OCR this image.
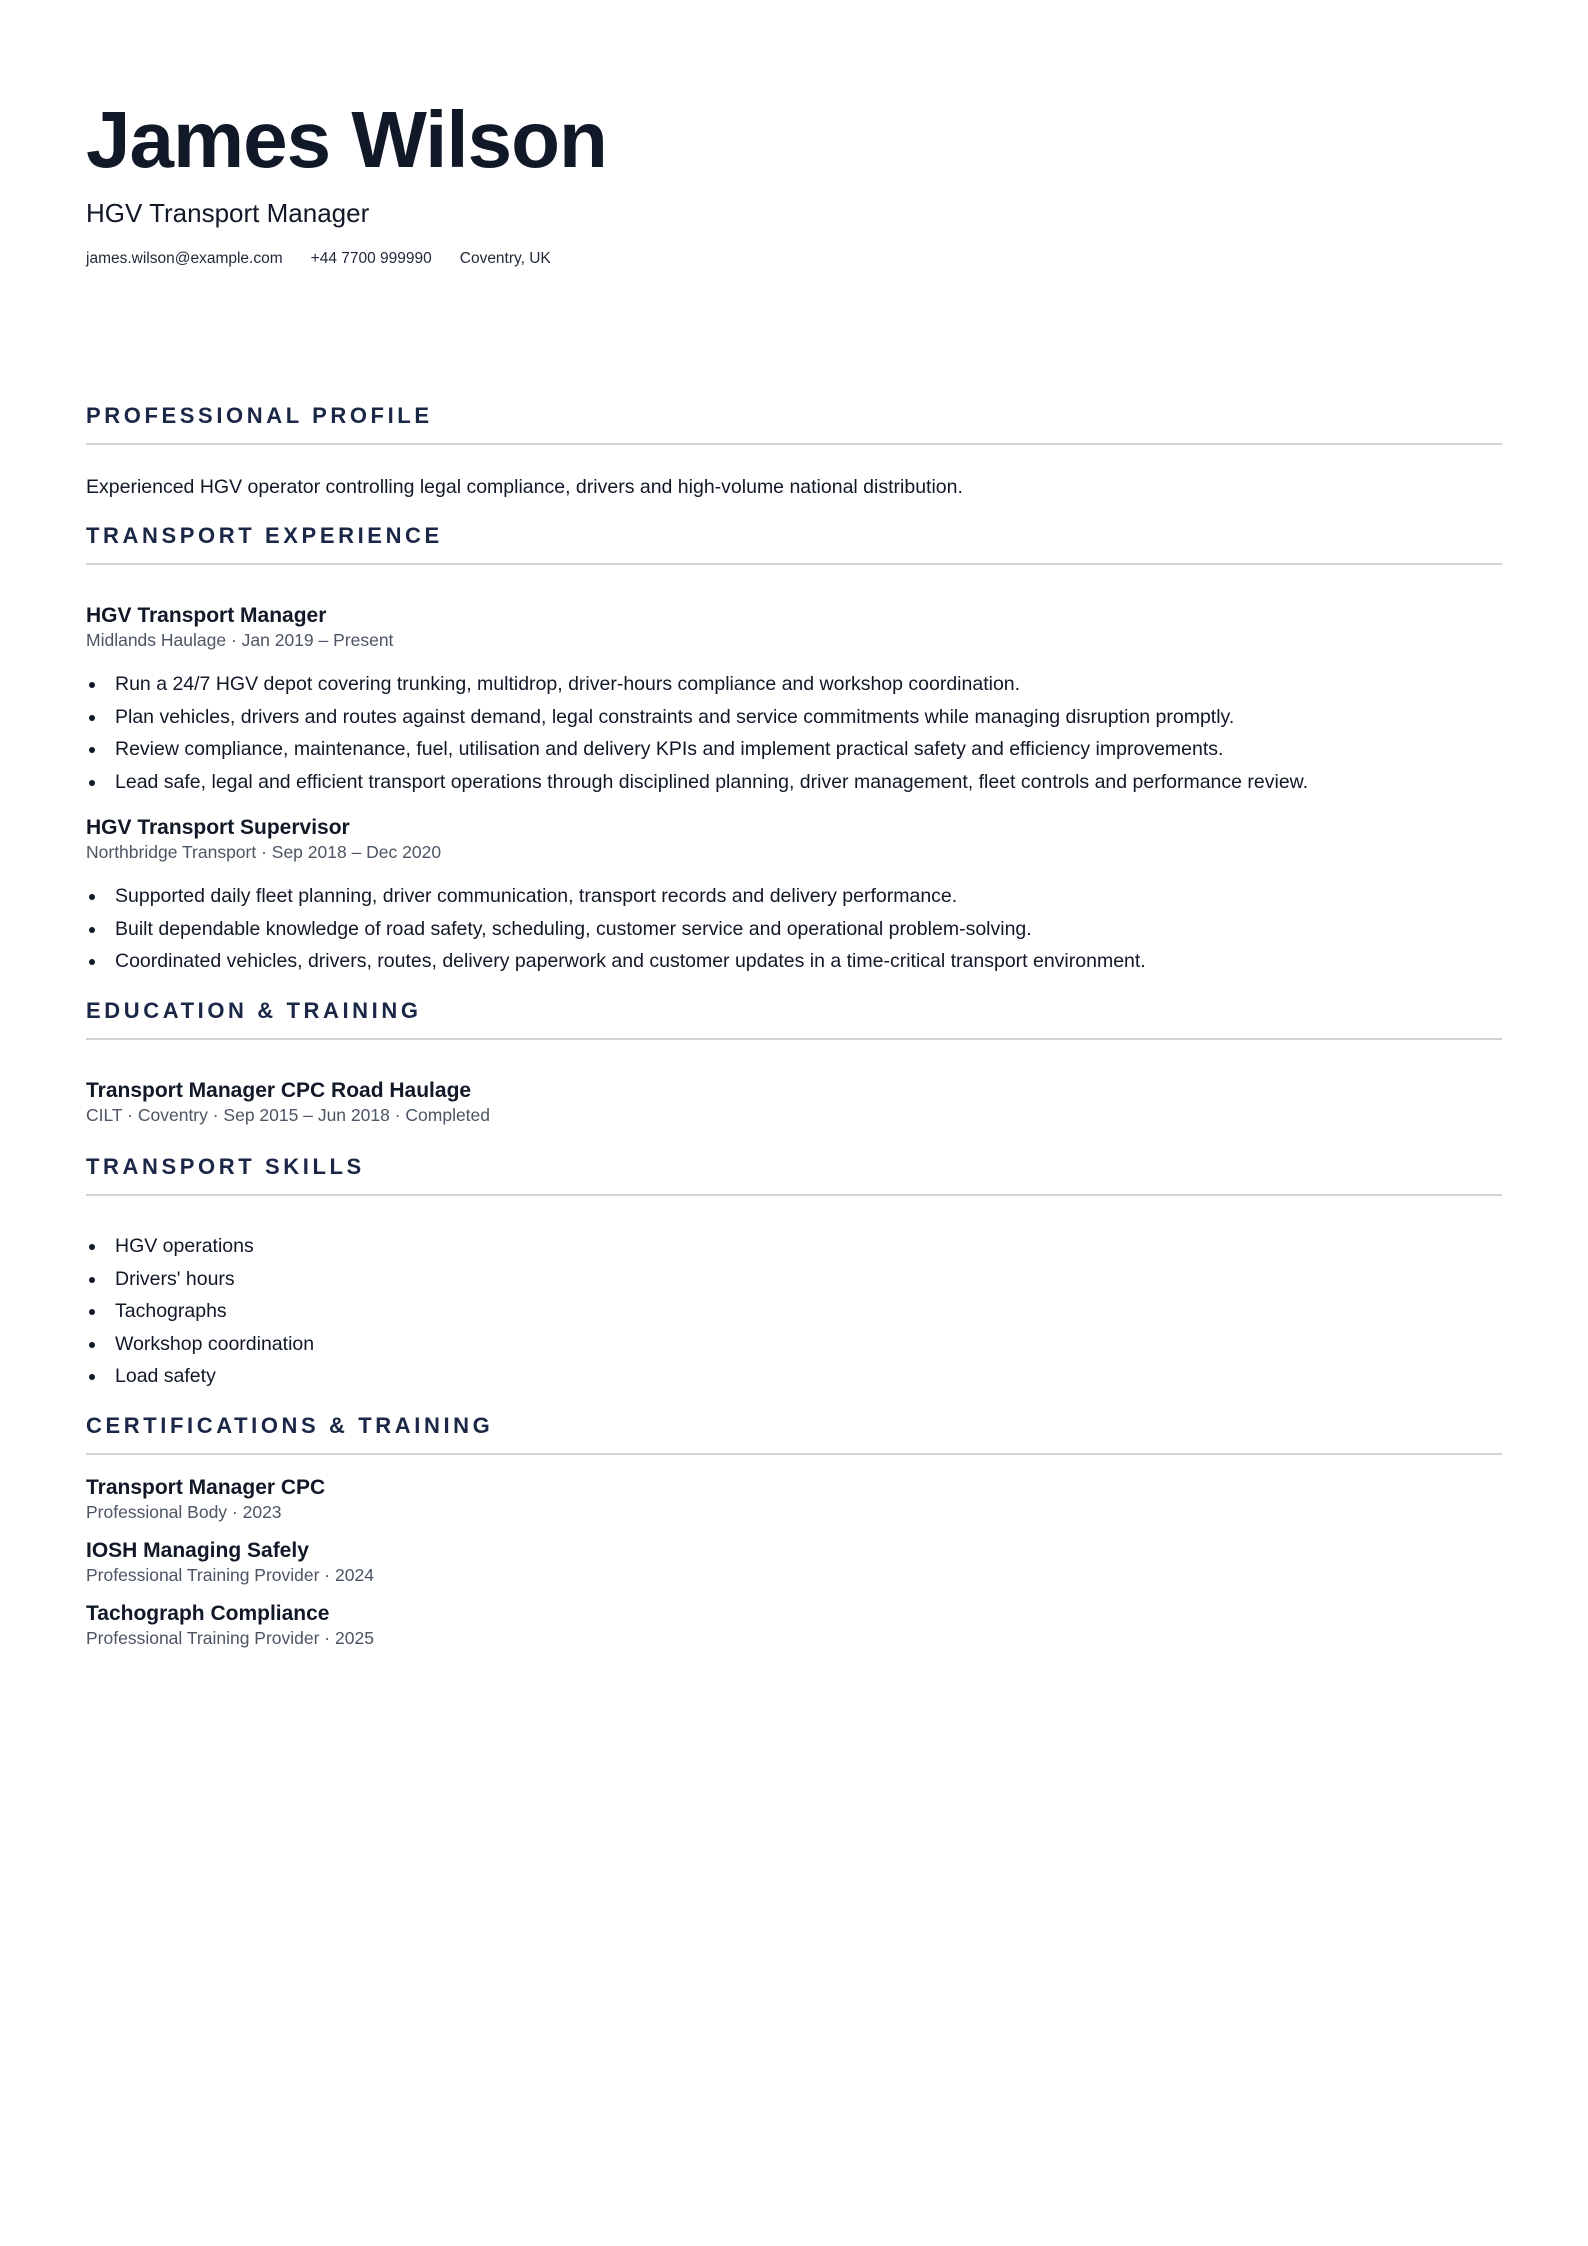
James Wilson
HGV Transport Manager
james.wilson@example.com +44 7700 999990 Coventry, UK
PROFESSIONAL PROFILE
Experienced HGV operator controlling legal compliance, drivers and high-volume national distribution.
TRANSPORT EXPERIENCE
HGV Transport Manager
Midlands Haulage · Jan 2019 – Present
Run a 24/7 HGV depot covering trunking, multidrop, driver-hours compliance and workshop coordination.
Plan vehicles, drivers and routes against demand, legal constraints and service commitments while managing disruption promptly.
Review compliance, maintenance, fuel, utilisation and delivery KPIs and implement practical safety and efficiency improvements.
Lead safe, legal and efficient transport operations through disciplined planning, driver management, fleet controls and performance review.
HGV Transport Supervisor
Northbridge Transport · Sep 2018 – Dec 2020
Supported daily fleet planning, driver communication, transport records and delivery performance.
Built dependable knowledge of road safety, scheduling, customer service and operational problem-solving.
Coordinated vehicles, drivers, routes, delivery paperwork and customer updates in a time-critical transport environment.
EDUCATION & TRAINING
Transport Manager CPC Road Haulage
CILT · Coventry · Sep 2015 – Jun 2018 · Completed
TRANSPORT SKILLS
HGV operations
Drivers' hours
Tachographs
Workshop coordination
Load safety
CERTIFICATIONS & TRAINING
Transport Manager CPC
Professional Body · 2023
IOSH Managing Safely
Professional Training Provider · 2024
Tachograph Compliance
Professional Training Provider · 2025
